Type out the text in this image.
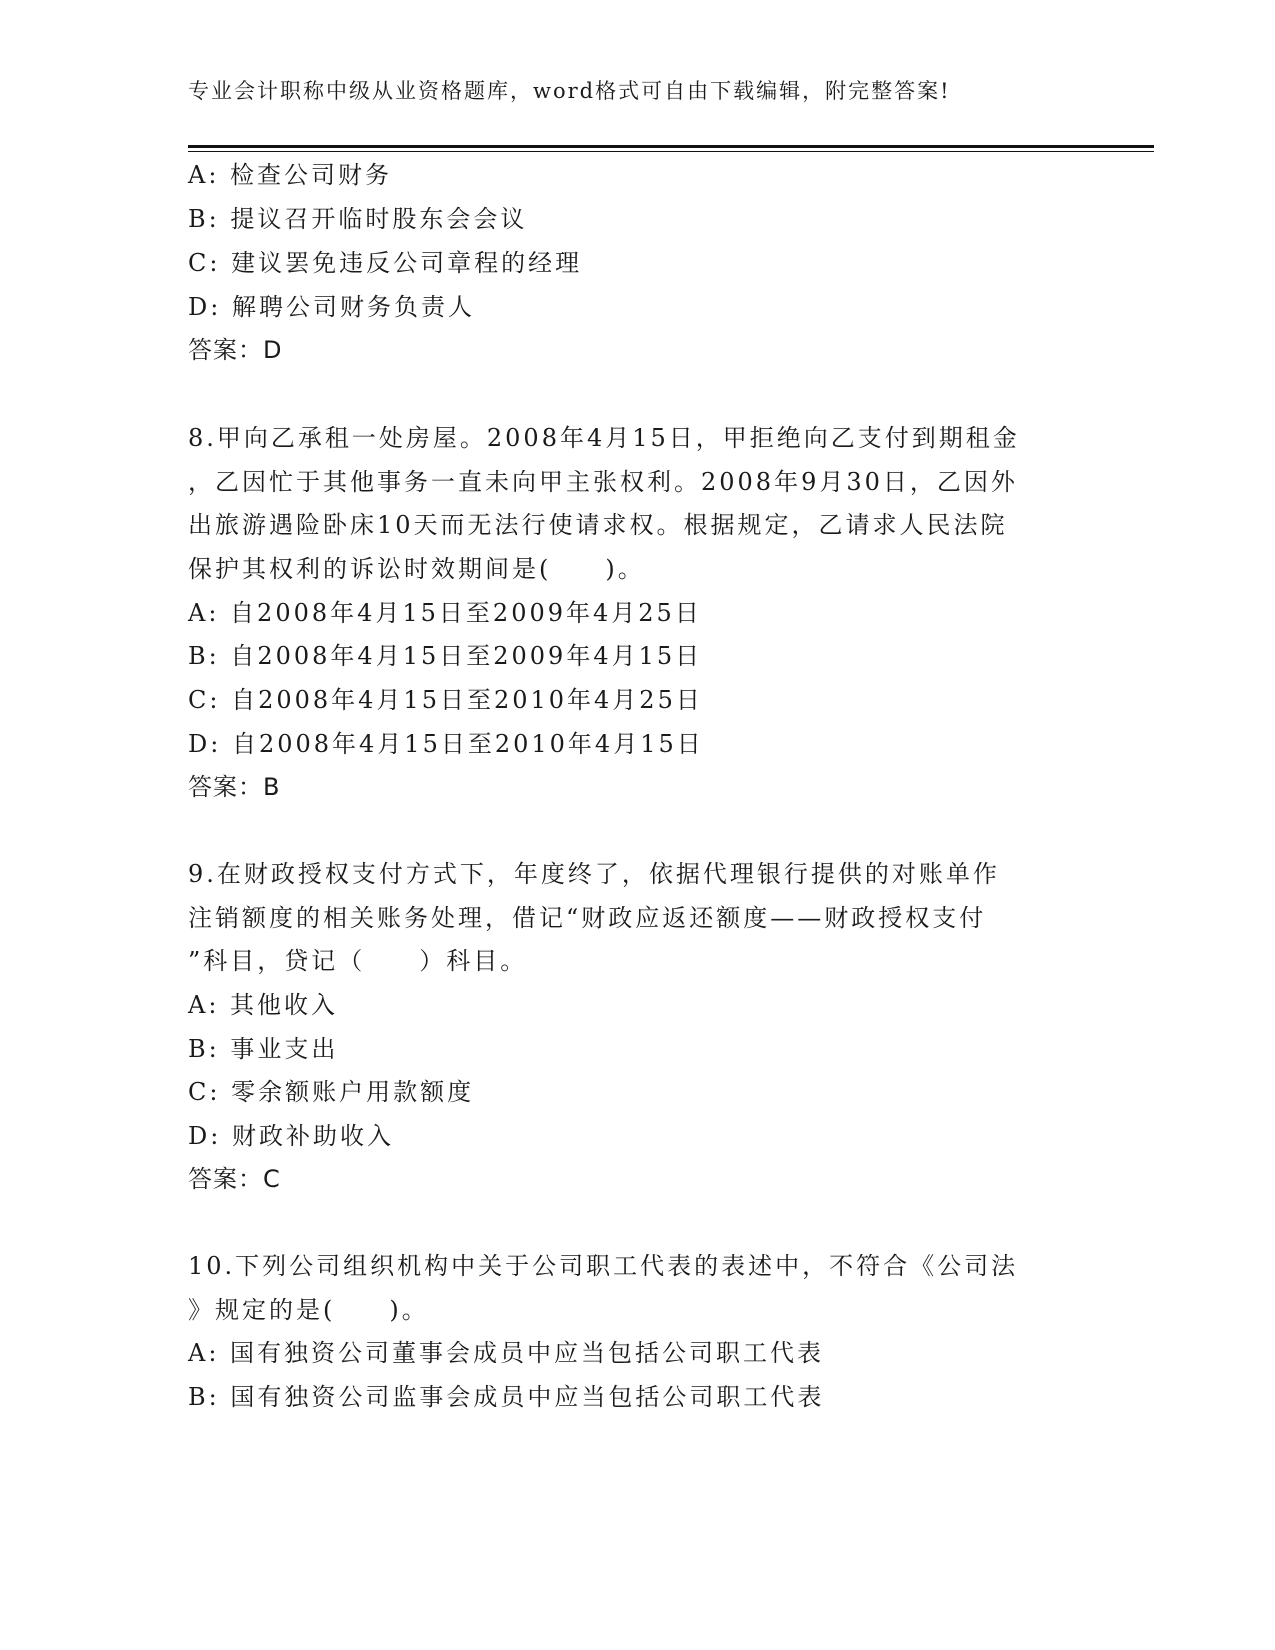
专业会计职称中级从业资格题库，word格式可自由下载编辑，附完整答案!
A: 检查公司财务
B: 提议召开临时股东会会议
C: 建议罢免违反公司章程的经理
D: 解聘公司财务负责人
答案：D
8.甲向乙承租一处房屋。2008年4月15日，甲拒绝向乙支付到期租金
，乙因忙于其他事务一直未向甲主张权利。2008年9月30日，乙因外
出旅游遇险卧床10天而无法行使请求权。根据规定，乙请求人民法院
保护其权利的诉讼时效期间是(　　)。
A: 自2008年4月15日至2009年4月25日
B: 自2008年4月15日至2009年4月15日
C: 自2008年4月15日至2010年4月25日
D: 自2008年4月15日至2010年4月15日
答案：B
9.在财政授权支付方式下，年度终了，依据代理银行提供的对账单作
注销额度的相关账务处理，借记“财政应返还额度——财政授权支付
”科目，贷记（　　）科目。
A: 其他收入
B: 事业支出
C: 零余额账户用款额度
D: 财政补助收入
答案：C
10.下列公司组织机构中关于公司职工代表的表述中，不符合《公司法
》规定的是(　　)。
A: 国有独资公司董事会成员中应当包括公司职工代表
B: 国有独资公司监事会成员中应当包括公司职工代表
